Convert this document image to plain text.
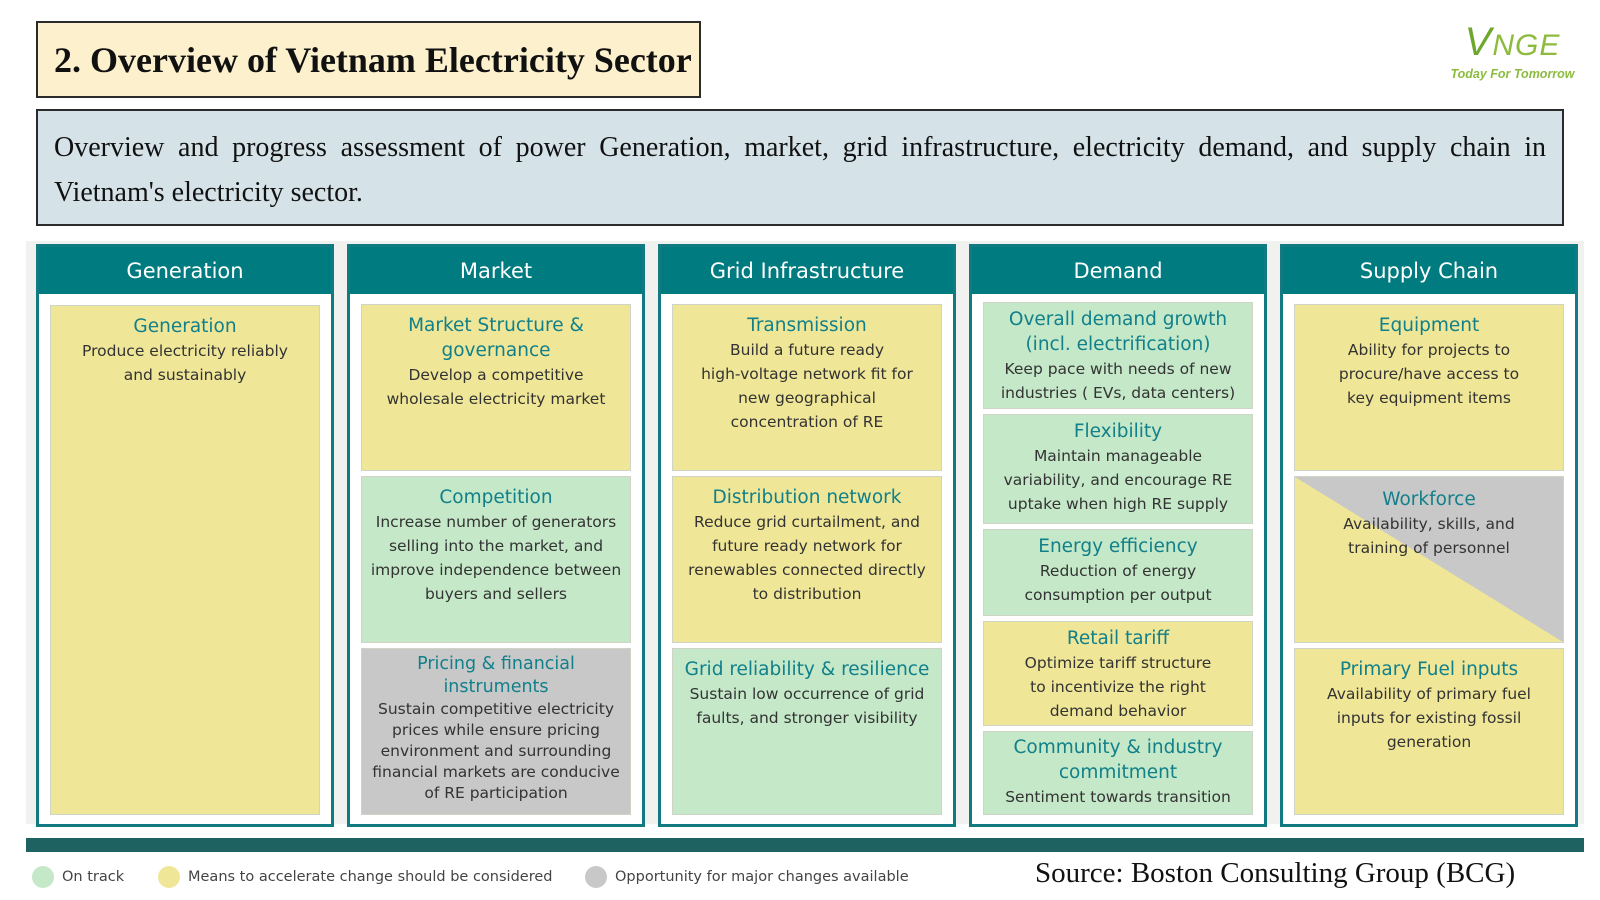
2. Overview of Vietnam Electricity Sector	VNGE
Today For Tomorrow
Overview and progress assessment of power Generation, market, grid infrastructure, electricity demand, and supply chain in Vietnam's electricity sector.
Generation
Generation
Produce electricity reliably
and sustainably
Market
Market Structure &
governance
Develop a competitive
wholesale electricity market
Competition
Increase number of generators
selling into the market, and
improve independence between
buyers and sellers
Pricing & financial instruments
Sustain competitive electricity
prices while ensure pricing
environment and surrounding
financial markets are conducive
of RE participation
Grid Infrastructure
Transmission
Build a future ready
high-voltage network fit for
new geographical
concentration of RE
Distribution network
Reduce grid curtailment, and
future ready network for
renewables connected directly
to distribution
Grid reliability & resilience
Sustain low occurrence of grid
faults, and stronger visibility
Demand
Overall demand growth
(incl. electrification)
Keep pace with needs of new
industries ( EVs, data centers)
Flexibility
Maintain manageable
variability, and encourage RE
uptake when high RE supply
Energy efficiency
Reduction of energy
consumption per output
Retail tariff
Optimize tariff structure
to incentivize the right
demand behavior
Community & industry
commitment
Sentiment towards transition
Supply Chain
Equipment
Ability for projects to
procure/have access to
key equipment items
Workforce
Availability, skills, and
training of personnel
Primary Fuel inputs
Availability of primary fuel
inputs for existing fossil
generation
On track	Means to accelerate change should be considered	Opportunity for major changes available	Source: Boston Consulting Group (BCG)
